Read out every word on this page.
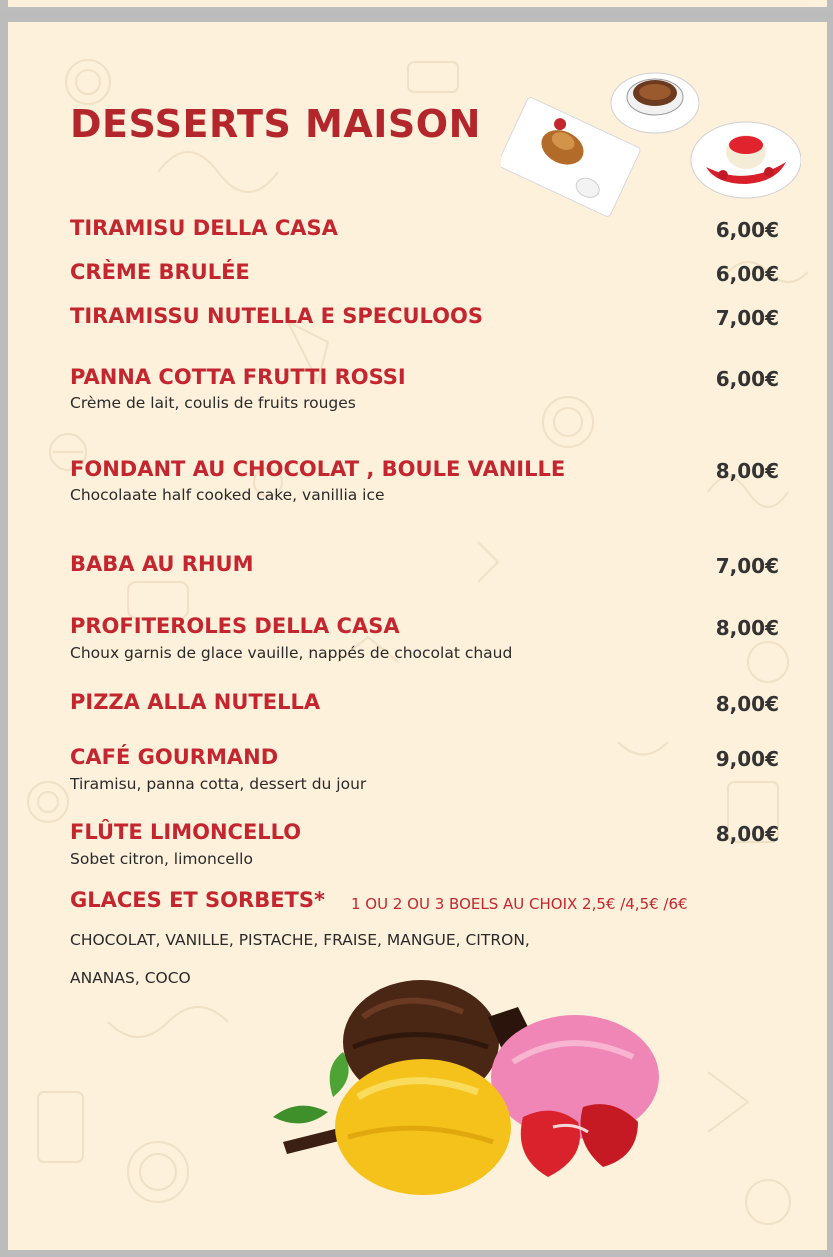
DESSERTS MAISON
TIRAMISU DELLA CASA	6,00€
CRÈME BRULÉE	6,00€
TIRAMISSU NUTELLA E SPECULOOS	7,00€
PANNA COTTA FRUTTI ROSSI	6,00€
Crème de lait, coulis de fruits rouges
FONDANT AU CHOCOLAT , BOULE VANILLE	8,00€
Chocolaate half cooked cake, vanillia ice
BABA AU RHUM	7,00€
PROFITEROLES DELLA CASA	8,00€
Choux garnis de glace vauille, nappés de chocolat chaud
PIZZA ALLA NUTELLA	8,00€
CAFÉ GOURMAND	9,00€
Tiramisu, panna cotta, dessert du jour
FLÛTE LIMONCELLO	8,00€
Sobet citron, limoncello
GLACES ET SORBETS* 1 OU 2 OU 3 BOELS AU CHOIX 2,5€ /4,5€ /6€
CHOCOLAT, VANILLE, PISTACHE, FRAISE, MANGUE, CITRON,
ANANAS, COCO
